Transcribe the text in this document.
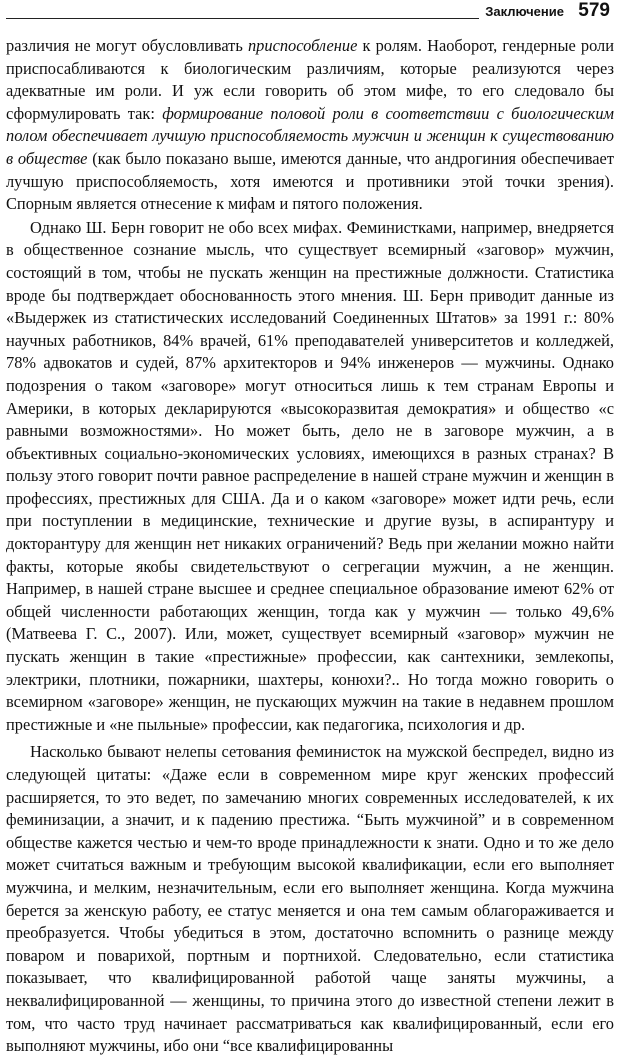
Заключение 579

различия не могут обусловливать приспособление к ролям. Наоборот, гендерные роли приспосабливаются к биологическим различиям, которые реализуются через адекватные им роли. И уж если говорить об этом мифе, то его следовало бы сформулировать так: формирование половой роли в соответствии с биологическим полом обеспечивает лучшую приспособляемость мужчин и женщин к существованию в обществе (как было показано выше, имеются данные, что андрогиния обеспечивает лучшую приспособляемость, хотя имеются и противники этой точки зрения). Спорным является отнесение к мифам и пятого положения.

Однако Ш. Берн говорит не обо всех мифах. Феминистками, например, внедряется в общественное сознание мысль, что существует всемирный «заговор» мужчин, состоящий в том, чтобы не пускать женщин на престижные должности. Статистика вроде бы подтверждает обоснованность этого мнения. Ш. Берн приводит данные из «Выдержек из статистических исследований Соединенных Штатов» за 1991 г.: 80% научных работников, 84% врачей, 61% преподавателей университетов и колледжей, 78% адвокатов и судей, 87% архитекторов и 94% инженеров — мужчины. Однако подозрения о таком «заговоре» могут относиться лишь к тем странам Европы и Америки, в которых декларируются «высокоразвитая демократия» и общество «с равными возможностями». Но может быть, дело не в заговоре мужчин, а в объективных социально-экономических условиях, имеющихся в разных странах? В пользу этого говорит почти равное распределение в нашей стране мужчин и женщин в профессиях, престижных для США. Да и о каком «заговоре» может идти речь, если при поступлении в медицинские, технические и другие вузы, в аспирантуру и докторантуру для женщин нет никаких ограничений? Ведь при желании можно найти факты, которые якобы свидетельствуют о сегрегации мужчин, а не женщин. Например, в нашей стране высшее и среднее специальное образование имеют 62% от общей численности работающих женщин, тогда как у мужчин — только 49,6% (Матвеева Г. С., 2007). Или, может, существует всемирный «заговор» мужчин не пускать женщин в такие «престижные» профессии, как сантехники, землекопы, электрики, плотники, пожарники, шахтеры, конюхи?.. Но тогда можно говорить о всемирном «заговоре» женщин, не пускающих мужчин на такие в недавнем прошлом престижные и «не пыльные» профессии, как педагогика, психология и др.

Насколько бывают нелепы сетования феминисток на мужской беспредел, видно из следующей цитаты: «Даже если в современном мире круг женских профессий расширяется, то это ведет, по замечанию многих современных исследователей, к их феминизации, а значит, и к падению престижа. “Быть мужчиной” и в современном обществе кажется честью и чем-то вроде принадлежности к знати. Одно и то же дело может считаться важным и требующим высокой квалификации, если его выполняет мужчина, и мелким, незначительным, если его выполняет женщина. Когда мужчина берется за женскую работу, ее статус меняется и она тем самым облагораживается и преобразуется. Чтобы убедиться в этом, достаточно вспомнить о разнице между поваром и поварихой, портным и портнихой. Следовательно, если статистика показывает, что квалифицированной работой чаще заняты мужчины, а неквалифицированной — женщины, то причина этого до известной степени лежит в том, что часто труд начинает рассматриваться как квалифицированный, если его выполняют мужчины, ибо они “все квалифицированны
